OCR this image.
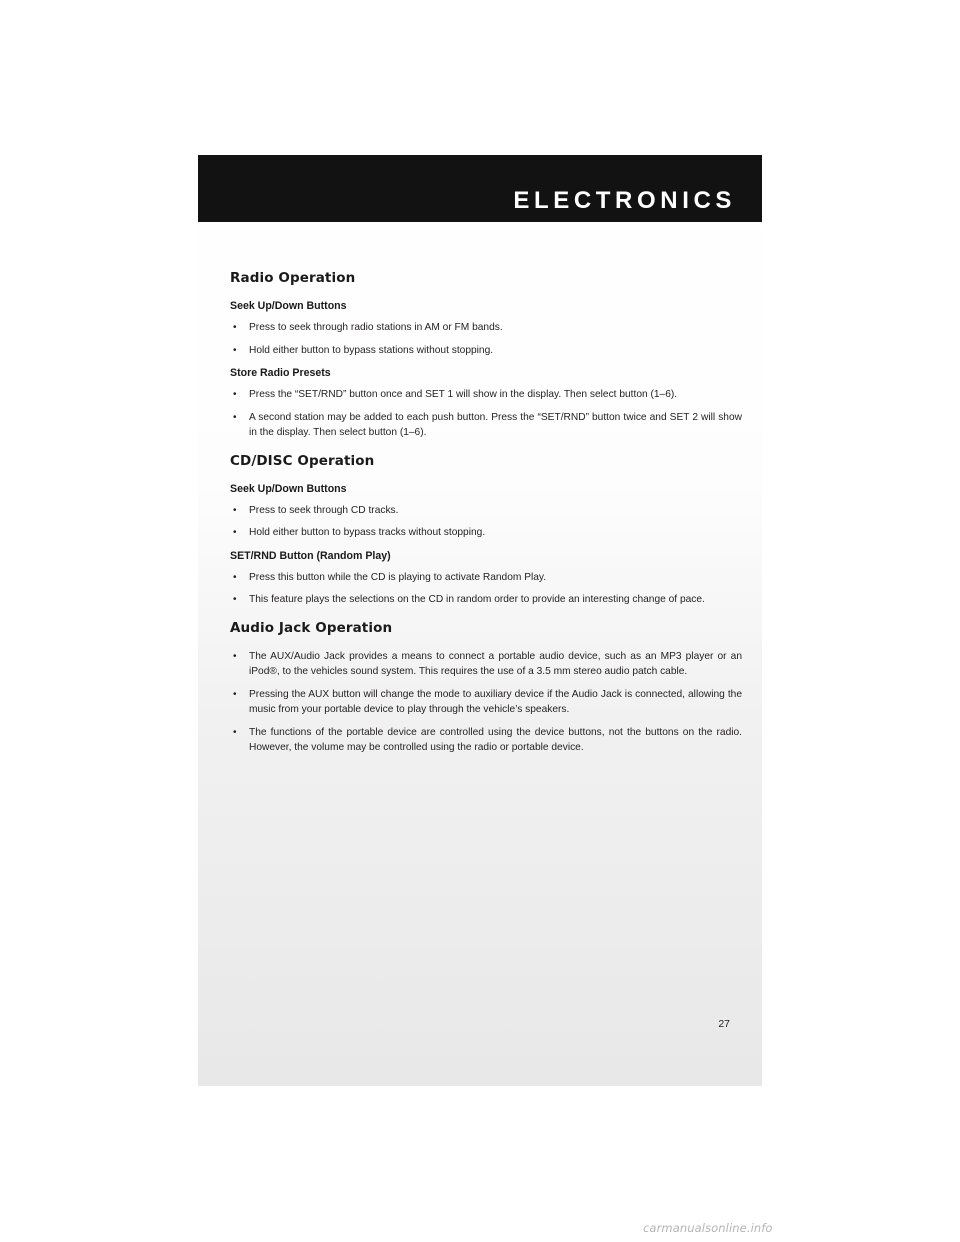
ELECTRONICS
Radio Operation
Seek Up/Down Buttons
• Press to seek through radio stations in AM or FM bands.
• Hold either button to bypass stations without stopping.
Store Radio Presets
• Press the “SET/RND” button once and SET 1 will show in the display. Then select button (1–6).
• A second station may be added to each push button. Press the “SET/RND” button twice and SET 2 will show in the display. Then select button (1–6).
CD/DISC Operation
Seek Up/Down Buttons
• Press to seek through CD tracks.
• Hold either button to bypass tracks without stopping.
SET/RND Button (Random Play)
• Press this button while the CD is playing to activate Random Play.
• This feature plays the selections on the CD in random order to provide an interesting change of pace.
Audio Jack Operation
• The AUX/Audio Jack provides a means to connect a portable audio device, such as an MP3 player or an iPod®, to the vehicles sound system. This requires the use of a 3.5 mm stereo audio patch cable.
• Pressing the AUX button will change the mode to auxiliary device if the Audio Jack is connected, allowing the music from your portable device to play through the vehicle’s speakers.
• The functions of the portable device are controlled using the device buttons, not the buttons on the radio. However, the volume may be controlled using the radio or portable device.

27

carmanualsonline.info
